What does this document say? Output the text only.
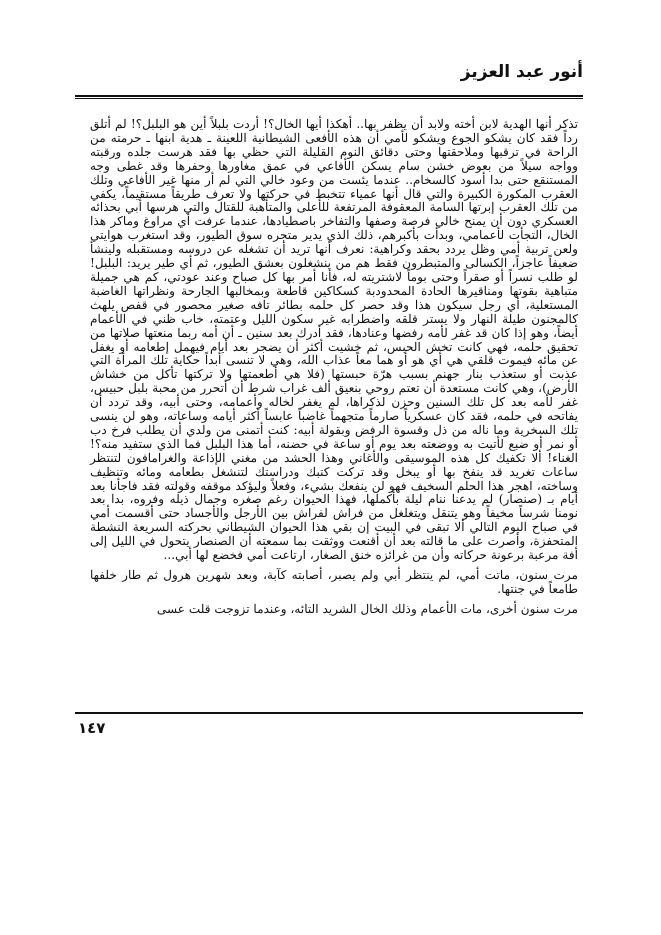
أنور عبد العزيز

تذكر أنها الهدية لابن أخته ولابد أن يظفر بها.. أهكذا أيها الخال؟! أردت بلبلاً أين هو البلبل؟! لم أتلق رداً فقد كان يشكو الجوع ويشكو لأمي أن هذه الأفعى الشيطانية اللعينة ـ هدية ابنها ـ حرمته من الراحة في ترقبها وملاحقتها وحتى دقائق النوم القليلة التي حظي بها فقد هرست جلده ورقبته وواجه سيلاً من بعوض خشن سام يسكن الأفاعي في عمق مغاورها وحفرها وقد غطى وجه المستنقع حتى بدا أسود كالسخام.. عندما يئست من وعود خالي التي لم أر منها غير الأفاعي وتلك العقرب المكورة الكبيرة والتي قال أنها عمياء تتخبط في حركتها ولا تعرف طريقاً مستقيماً، يكفي من تلك العقرب إبرتها السامة المعقوفة المرتفعة للأعلى والمتأهبة للقتال والتي هرسها أبي بحذائه العسكري دون أن يمنح خالي فرصة وصفها والتفاخر باصطيادها، عندما عرفت أي مراوغ وماكر هذا الخال، التجأت لأعمامي، وبدأت بأكبرهم، ذلك الذي يدير متجره سوق الطيور، وقد استغرب هوايتي ولعن تربية أمي وظل يردد بحقد وكراهية: نعرف أنها تريد أن تشغله عن دروسه ومستقبله ولينشأ ضعيفاً عاجزاً، الكسالى والمتبطرون فقط هم من ينشغلون بعشق الطيور، ثم أي طير يريد: البلبل! لو طلب نسراً أو صقراً وحتى بوماً لاشتريته له، فأنا أمر بها كل صباح وعند عودتي، كم هي جميلة متباهية بقوتها ومناقيرها الحادة المحدودبة كسكاكين قاطعة وبمخالبها الجارحة ونظراتها الغاضبة المستعلية، أي رجل سيكون هذا وقد حصر كل حلمه بطائر تافه صغير محصور في قفص يلهث كالمجنون طيلة النهار ولا يستر قلقه واضطرابه غير سكون الليل وعتمته، خاب ظني في الأعمام أيضاً، وهو إذا كان قد غفر لأمه رفضها وعنادها، فقد أدرك بعد سنين ـ أن أمه ربما منعتها صلاتها من تحقيق حلمه، فهي كانت تخش الحبس، ثم خشيت أكثر أن يضجر بعد أيام فيهمل إطعامه أو يغفل عن مائه فيموت قلقي هي أي هو أو هما معاً عذاب الله، وهي لا تنسى أبداً حكاية تلك المرأة التي عذبت أو ستعذب بنار جهنم بسبب هرّة حبستها (فلا هي أطعمتها ولا تركتها تأكل من خشاش الأرض)، وهي كانت مستعدة أن تعتم روحي بنعيق ألف غراب شرط أن أتحرر من محبة بلبل حبيس، غفر لأمه بعد كل تلك السنين وحزن لذكراها، لم يغفر لخاله وأعمامه، وحتى أبيه، وقد تردد أن يفاتحه في حلمه، فقد كان عسكرياً صارماً متجهماً غاضباً عابساً أكثر أيامه وساعاته، وهو لن ينسى تلك السخرية وما ناله من ذل وقسوة الرفض وبقولة أبيه: كنت أتمنى من ولدي أن يطلب فرخ دب أو نمر أو ضبع لأتيت به ووضعته بعد يوم أو ساعة في حضنه، أما هذا البلبل فما الذي ستفيد منه؟! الغناء! ألا تكفيك كل هذه الموسيقى والأغاني وهذا الحشد من مغني الإذاعة والغرامافون لتنتظر ساعات تغريد قد ينفخ بها أو يبخل وقد تركت كتبك ودراستك لتنشغل بطعامه ومائه وتنظيف وساخته، اهجر هذا الحلم السخيف فهو لن ينفعك بشيء، وفعلاً وليؤكد موقفه وقولته فقد فاجأنا بعد أيام بـ (صنصار) لم يدعنا ننام ليلة بأكملها، فهذا الحيوان رغم صغره وجمال ذيله وفروه، بدا بعد نومنا شرساً مخيفاً وهو يتنقل ويتغلغل من فراش لفراش بين الأرجل والأجساد حتى أقسمت أمي في صباح اليوم التالي ألا تبقى في البيت إن بقي هذا الحيوان الشيطاني بحركته السريعة النشطة المتحفزة، وأصرت على ما قالته بعد أن أقنعت ووثقت بما سمعته أن الصنصار يتحول في الليل إلى أفة مرعبة برعونة حركاته وأن من غرائزه خنق الصغار، ارتاعت أمي فخضع لها أبي...

مرت سنون، ماتت أمي، لم ينتظر أبي ولم يصبر، أصابته كآبة، وبعد شهرين هرول ثم طار خلفها طامعاً في جنتها.

مرت سنون أخرى، مات الأعمام وذلك الخال الشريد التائه، وعندما تزوجت قلت عسى

١٤٧
